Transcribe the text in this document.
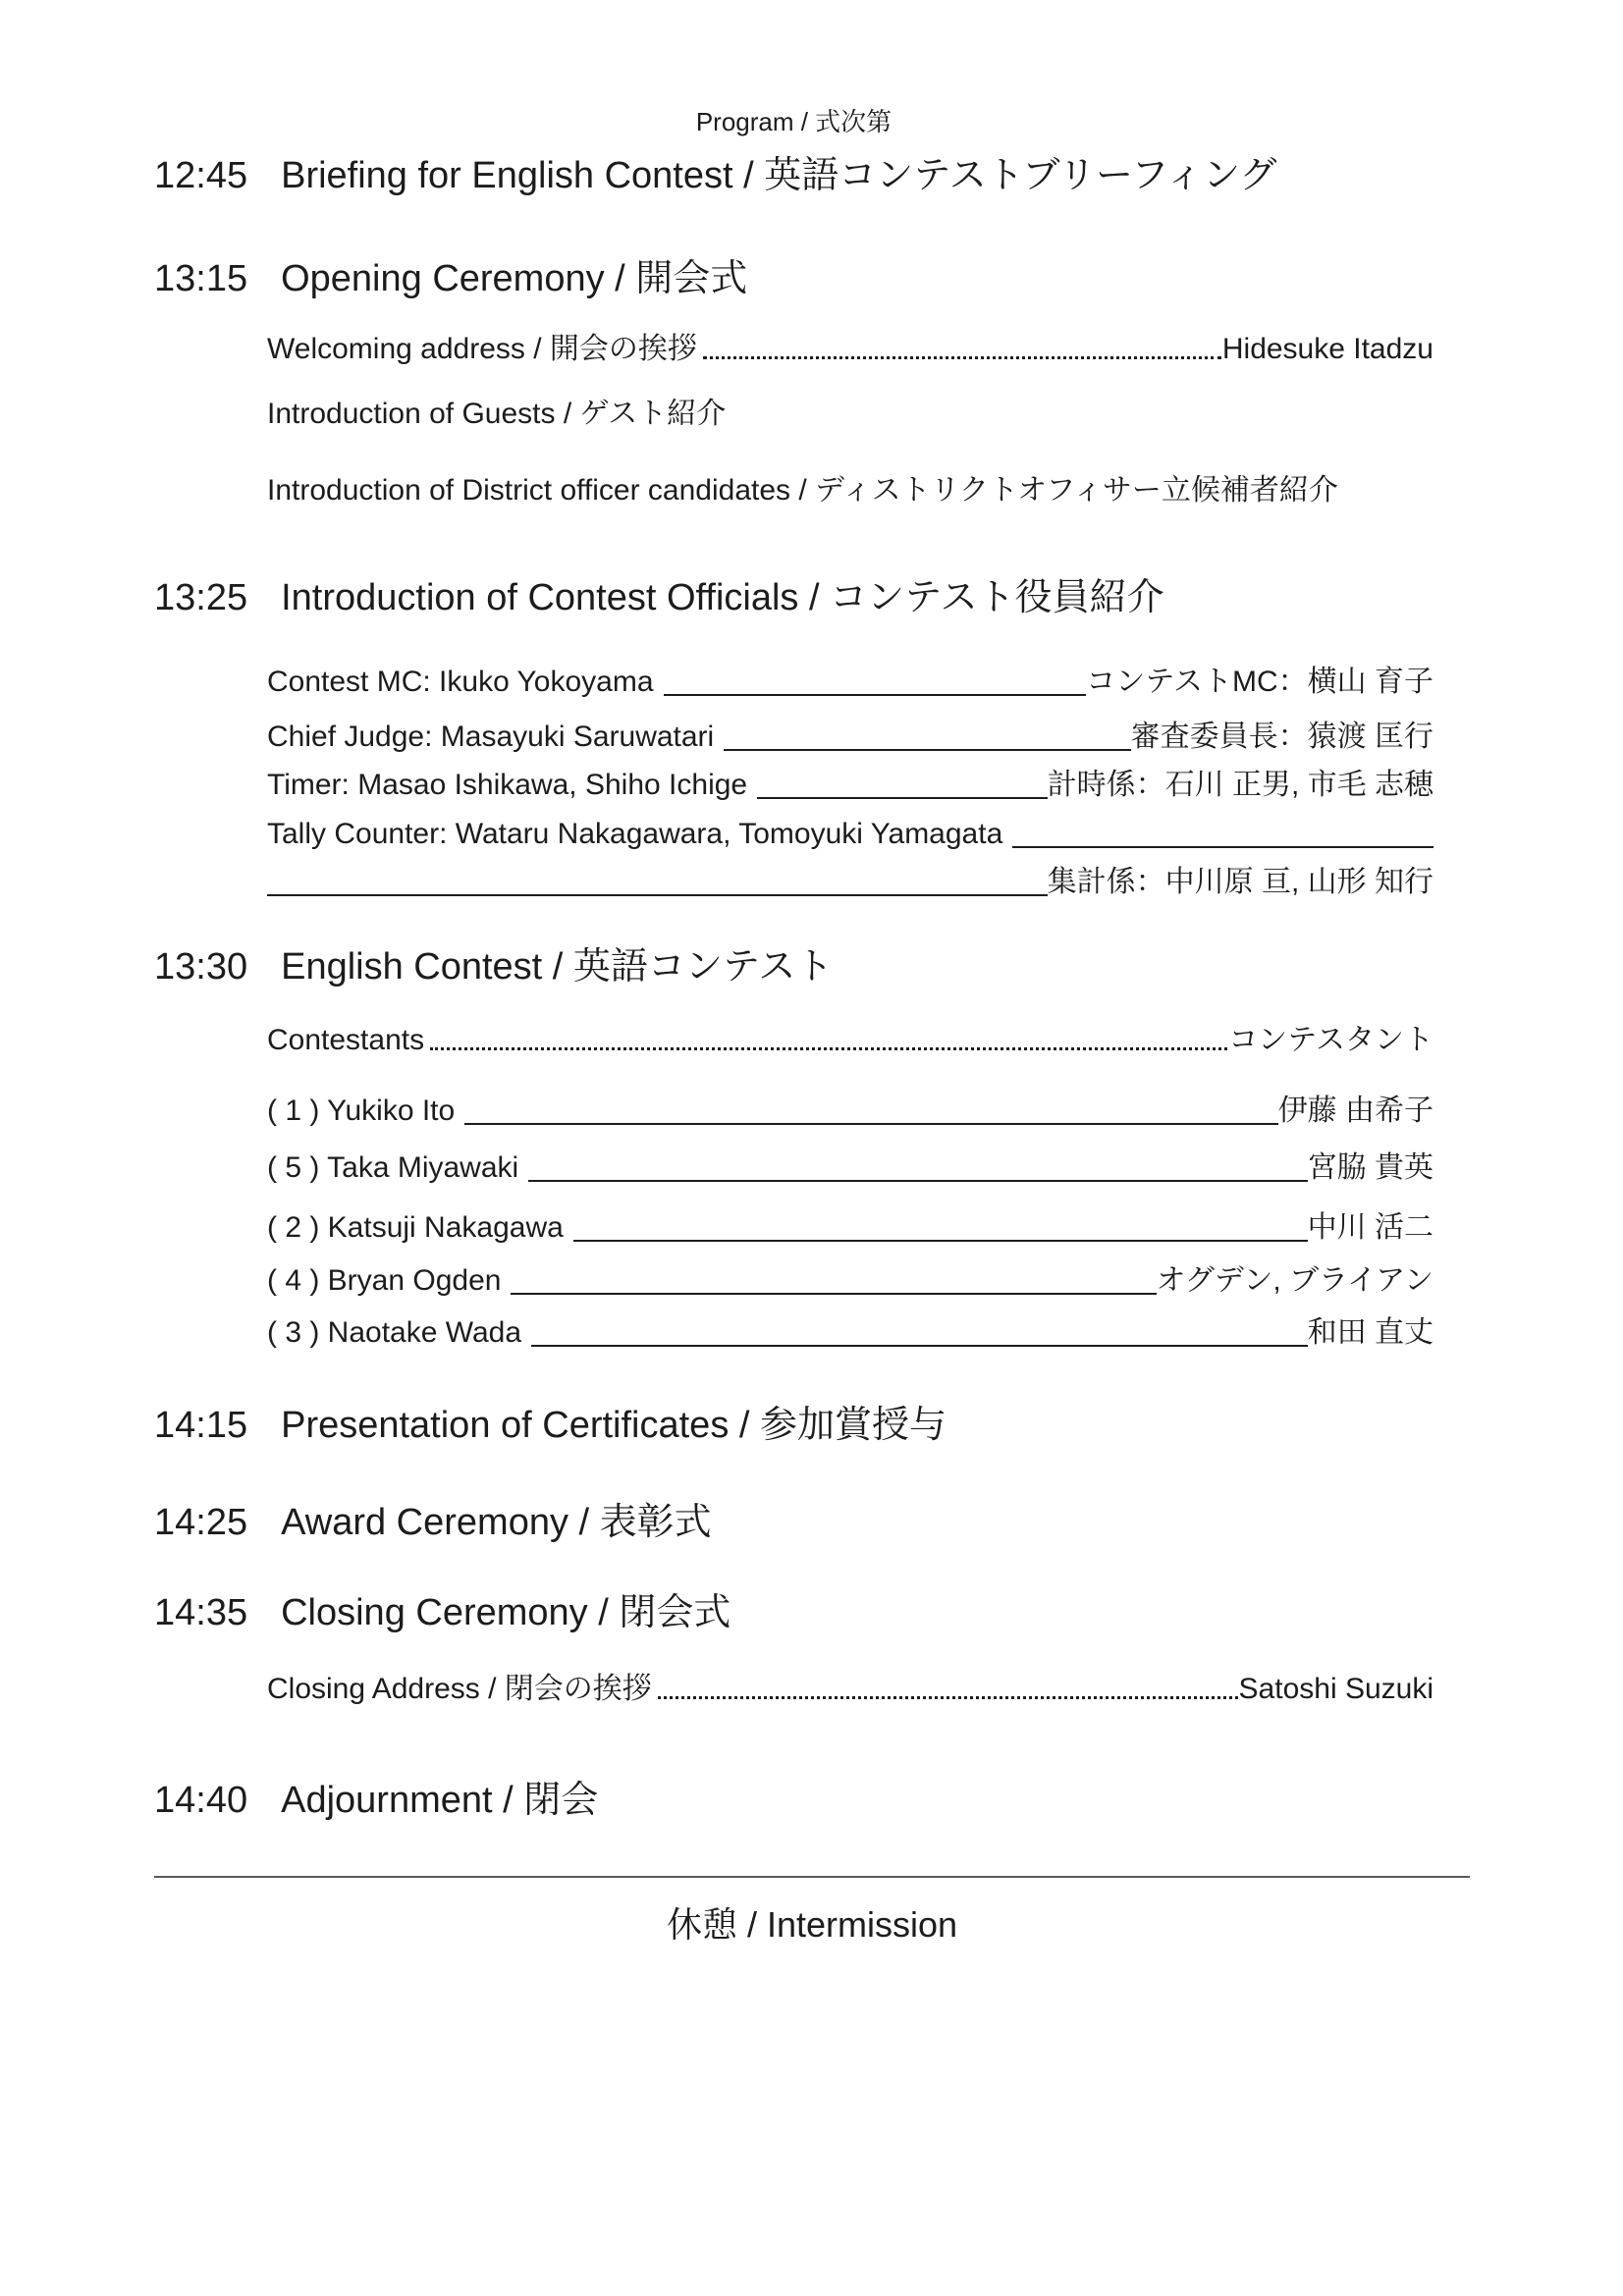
Program / 式次第
12:45 Briefing for English Contest / 英語コンテストブリーフィング
13:15 Opening Ceremony / 開会式
Welcoming address / 開会の挨拶	Hidesuke Itadzu
Introduction of Guests / ゲスト紹介
Introduction of District officer candidates / ディストリクトオフィサー立候補者紹介
13:25 Introduction of Contest Officials / コンテスト役員紹介
Contest MC: Ikuko Yokoyama	コンテストMC：横山 育子
Chief Judge: Masayuki Saruwatari	審査委員長：猿渡 匡行
Timer: Masao Ishikawa, Shiho Ichige	計時係：石川 正男, 市毛 志穂
Tally Counter: Wataru Nakagawara, Tomoyuki Yamagata
集計係：中川原 亘, 山形 知行
13:30 English Contest / 英語コンテスト
Contestants	コンテスタント
( 1 ) Yukiko Ito	伊藤 由希子
( 5 ) Taka Miyawaki	宮脇 貴英
( 2 ) Katsuji Nakagawa	中川 活二
( 4 ) Bryan Ogden	オグデン, ブライアン
( 3 ) Naotake Wada	和田 直丈
14:15 Presentation of Certificates / 参加賞授与
14:25 Award Ceremony / 表彰式
14:35 Closing Ceremony / 閉会式
Closing Address / 閉会の挨拶	Satoshi Suzuki
14:40 Adjournment / 閉会
休憩 / Intermission
